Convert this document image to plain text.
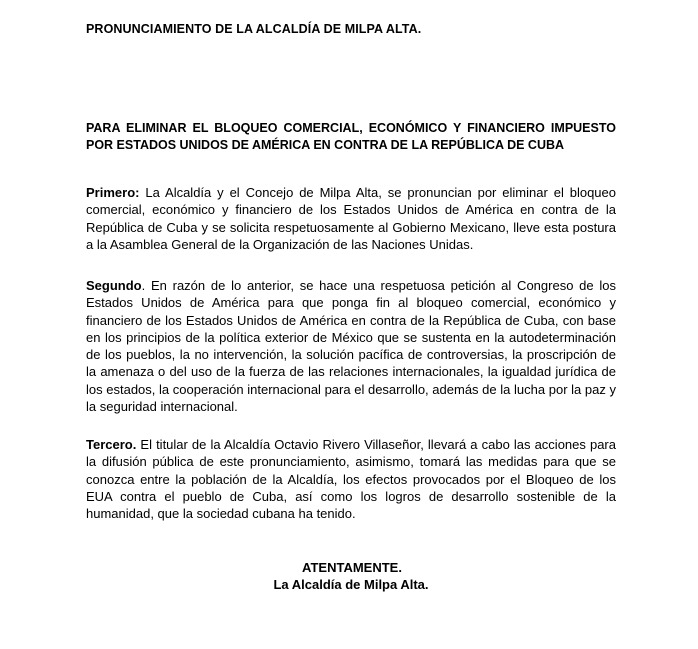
PRONUNCIAMIENTO DE LA ALCALDÍA DE MILPA ALTA.
PARA ELIMINAR EL BLOQUEO COMERCIAL, ECONÓMICO Y FINANCIERO IMPUESTO POR ESTADOS UNIDOS DE AMÉRICA EN CONTRA DE LA REPÚBLICA DE CUBA
Primero: La Alcaldía y el Concejo de Milpa Alta, se pronuncian por eliminar el bloqueo comercial, económico y financiero de los Estados Unidos de América en contra de la República de Cuba y se solicita respetuosamente al Gobierno Mexicano, lleve esta postura a la Asamblea General de la Organización de las Naciones Unidas.
Segundo. En razón de lo anterior, se hace una respetuosa petición al Congreso de los Estados Unidos de América para que ponga fin al bloqueo comercial, económico y financiero de los Estados Unidos de América en contra de la República de Cuba, con base en los principios de la política exterior de México que se sustenta en la autodeterminación de los pueblos, la no intervención, la solución pacífica de controversias, la proscripción de la amenaza o del uso de la fuerza de las relaciones internacionales, la igualdad jurídica de los estados, la cooperación internacional para el desarrollo, además de la lucha por la paz y la seguridad internacional.
Tercero. El titular de la Alcaldía Octavio Rivero Villaseñor, llevará a cabo las acciones para la difusión pública de este pronunciamiento, asimismo, tomará las medidas para que se conozca entre la población de la Alcaldía, los efectos provocados por el Bloqueo de los EUA contra el pueblo de Cuba, así como los logros de desarrollo sostenible de la humanidad, que la sociedad cubana ha tenido.
ATENTAMENTE.
La Alcaldía de Milpa Alta.
